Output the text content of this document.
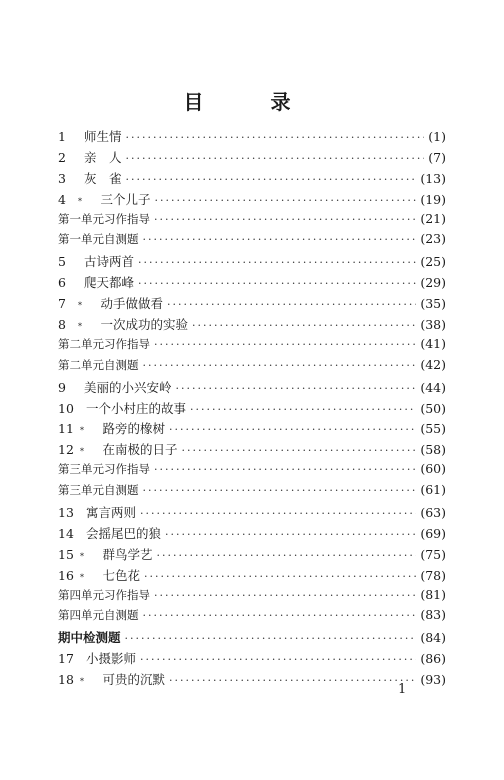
目 录
1	师生情 ·····	(1)
2	亲　人 ·····	(7)
3	灰　雀 ·····	(13)
4	* 　三个儿子 ·····	(19)
第一单元习作指导 ·····	(21)
第一单元自测题 ·····	(23)
5	古诗两首 ·····	(25)
6	爬天都峰 ·····	(29)
7	* 　动手做做看 ·····	(35)
8	* 　一次成功的实验 ·····	(38)
第二单元习作指导 ·····	(41)
第二单元自测题 ·····	(42)
9	美丽的小兴安岭 ·····	(44)
10 一个小村庄的故事 ·····	(50)
11 * 　路旁的橡树 ·····	(55)
12 * 　在南极的日子 ·····	(58)
第三单元习作指导 ·····	(60)
第三单元自测题 ·····	(61)
13 寓言两则 ·····	(63)
14 会摇尾巴的狼 ·····	(69)
15 * 　群鸟学艺 ·····	(75)
16 * 　七色花 ·····	(78)
第四单元习作指导 ·····	(81)
第四单元自测题 ·····	(83)
期中检测题 ·····	(84)
17 小摄影师 ·····	(86)
18 * 　可贵的沉默 ·····	(93)
1
